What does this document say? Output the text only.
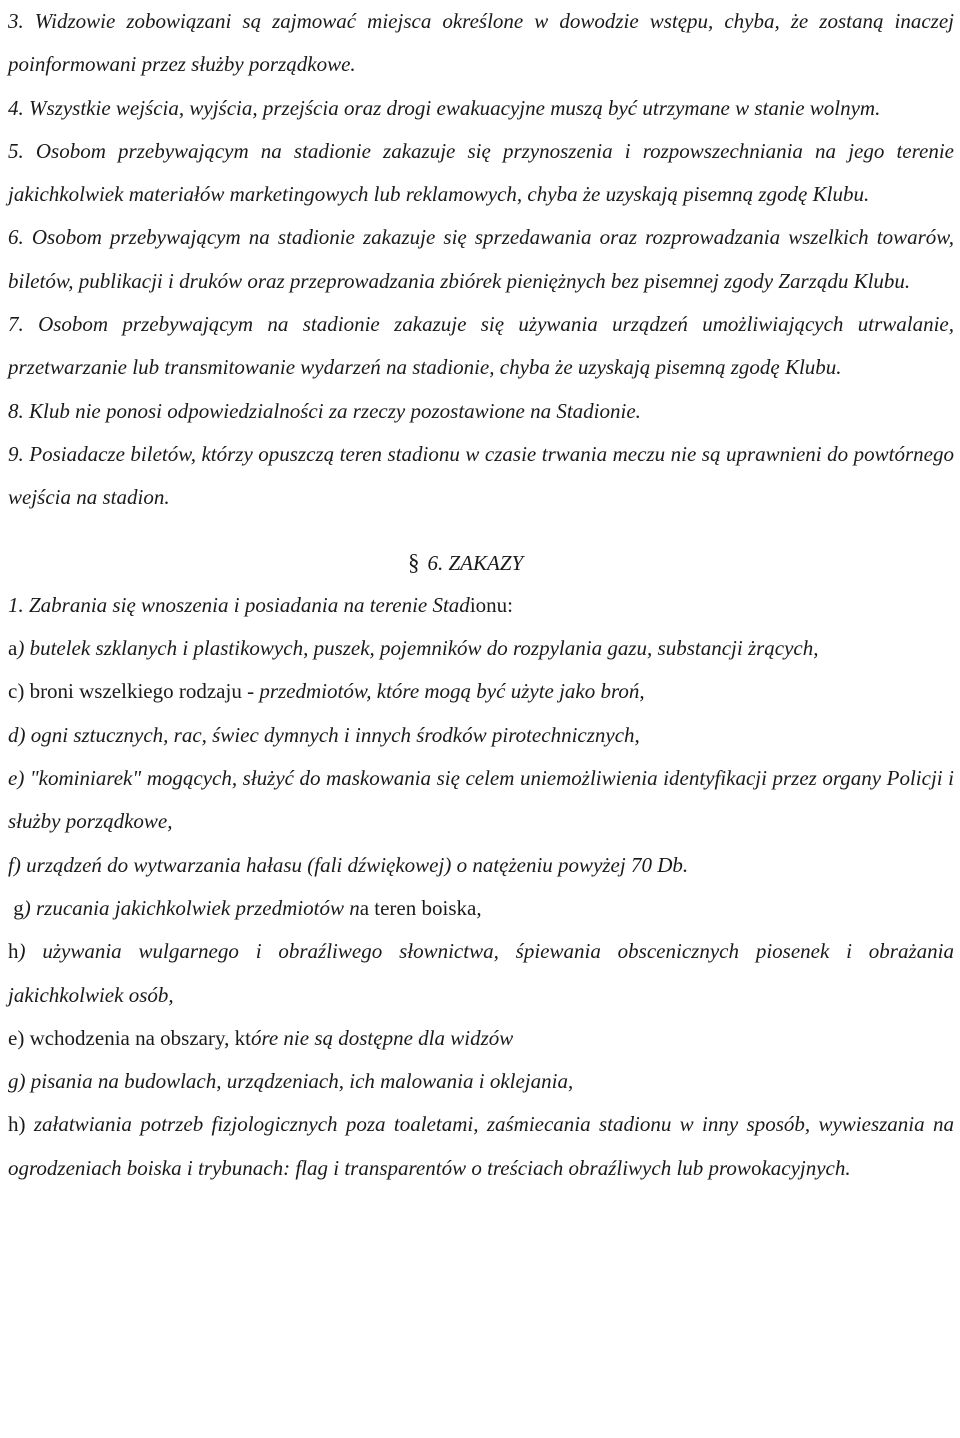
3. Widzowie zobowiązani są zajmować miejsca określone w dowodzie wstępu, chyba, że zostaną inaczej poinformowani przez służby porządkowe.

4. Wszystkie wejścia, wyjścia, przejścia oraz drogi ewakuacyjne muszą być utrzymane w stanie wolnym.

5. Osobom przebywającym na stadionie zakazuje się przynoszenia i rozpowszechniania na jego terenie jakichkolwiek materiałów marketingowych lub reklamowych, chyba że uzyskają pisemną zgodę Klubu.

6. Osobom przebywającym na stadionie zakazuje się sprzedawania oraz rozprowadzania wszelkich towarów, biletów, publikacji i druków oraz przeprowadzania zbiórek pieniężnych bez pisemnej zgody Zarządu Klubu.

7. Osobom przebywającym na stadionie zakazuje się używania urządzeń umożliwiających utrwalanie, przetwarzanie lub transmitowanie wydarzeń na stadionie, chyba że uzyskają pisemną zgodę Klubu.

8. Klub nie ponosi odpowiedzialności za rzeczy pozostawione na Stadionie.

9. Posiadacze biletów, którzy opuszczą teren stadionu w czasie trwania meczu nie są uprawnieni do powtórnego wejścia na stadion.

§ 6. ZAKAZY

1. Zabrania się wnoszenia i posiadania na terenie Stadionu:

a) butelek szklanych i plastikowych, puszek, pojemników do rozpylania gazu, substancji żrących,

c) broni wszelkiego rodzaju - przedmiotów, które mogą być użyte jako broń,

d) ogni sztucznych, rac, świec dymnych i innych środków pirotechnicznych,

e) "kominiarek" mogących, służyć do maskowania się celem uniemożliwienia identyfikacji przez organy Policji i służby porządkowe,

f) urządzeń do wytwarzania hałasu (fali dźwiękowej) o natężeniu powyżej 70 Db.

g) rzucania jakichkolwiek przedmiotów na teren boiska,

h) używania wulgarnego i obraźliwego słownictwa, śpiewania obscenicznych piosenek i obrażania jakichkolwiek osób,

e) wchodzenia na obszary, które nie są dostępne dla widzów

g) pisania na budowlach, urządzeniach, ich malowania i oklejania,

h) załatwiania potrzeb fizjologicznych poza toaletami, zaśmiecania stadionu w inny sposób, wywieszania na ogrodzeniach boiska i trybunach: flag i transparentów o treściach obraźliwych lub prowokacyjnych.
